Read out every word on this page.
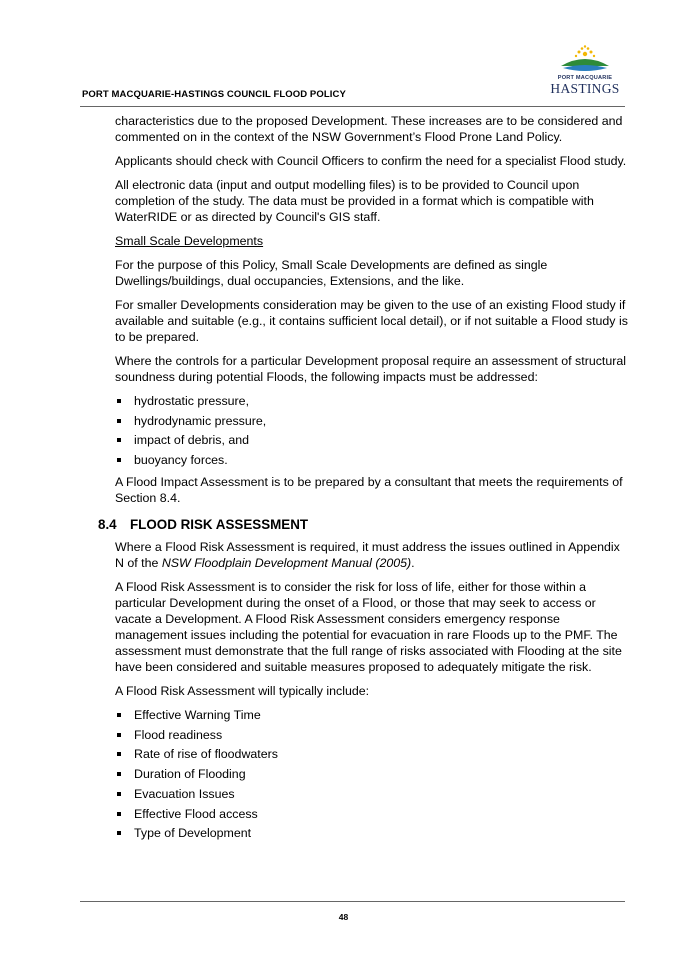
PORT MACQUARIE-HASTINGS COUNCIL FLOOD POLICY
PORT MACQUARIE
HASTINGS

characteristics due to the proposed Development. These increases are to be considered and commented on in the context of the NSW Government’s Flood Prone Land Policy.

Applicants should check with Council Officers to confirm the need for a specialist Flood study.

All electronic data (input and output modelling files) is to be provided to Council upon completion of the study. The data must be provided in a format which is compatible with WaterRIDE or as directed by Council's GIS staff.

Small Scale Developments

For the purpose of this Policy, Small Scale Developments are defined as single Dwellings/buildings, dual occupancies, Extensions, and the like.

For smaller Developments consideration may be given to the use of an existing Flood study if available and suitable (e.g., it contains sufficient local detail), or if not suitable a Flood study is to be prepared.

Where the controls for a particular Development proposal require an assessment of structural soundness during potential Floods, the following impacts must be addressed:

hydrostatic pressure,
hydrodynamic pressure,
impact of debris, and
buoyancy forces.

A Flood Impact Assessment is to be prepared by a consultant that meets the requirements of Section 8.4.

8.4 FLOOD RISK ASSESSMENT

Where a Flood Risk Assessment is required, it must address the issues outlined in Appendix N of the NSW Floodplain Development Manual (2005).

A Flood Risk Assessment is to consider the risk for loss of life, either for those within a particular Development during the onset of a Flood, or those that may seek to access or vacate a Development. A Flood Risk Assessment considers emergency response management issues including the potential for evacuation in rare Floods up to the PMF. The assessment must demonstrate that the full range of risks associated with Flooding at the site have been considered and suitable measures proposed to adequately mitigate the risk.

A Flood Risk Assessment will typically include:

Effective Warning Time
Flood readiness
Rate of rise of floodwaters
Duration of Flooding
Evacuation Issues
Effective Flood access
Type of Development
48
